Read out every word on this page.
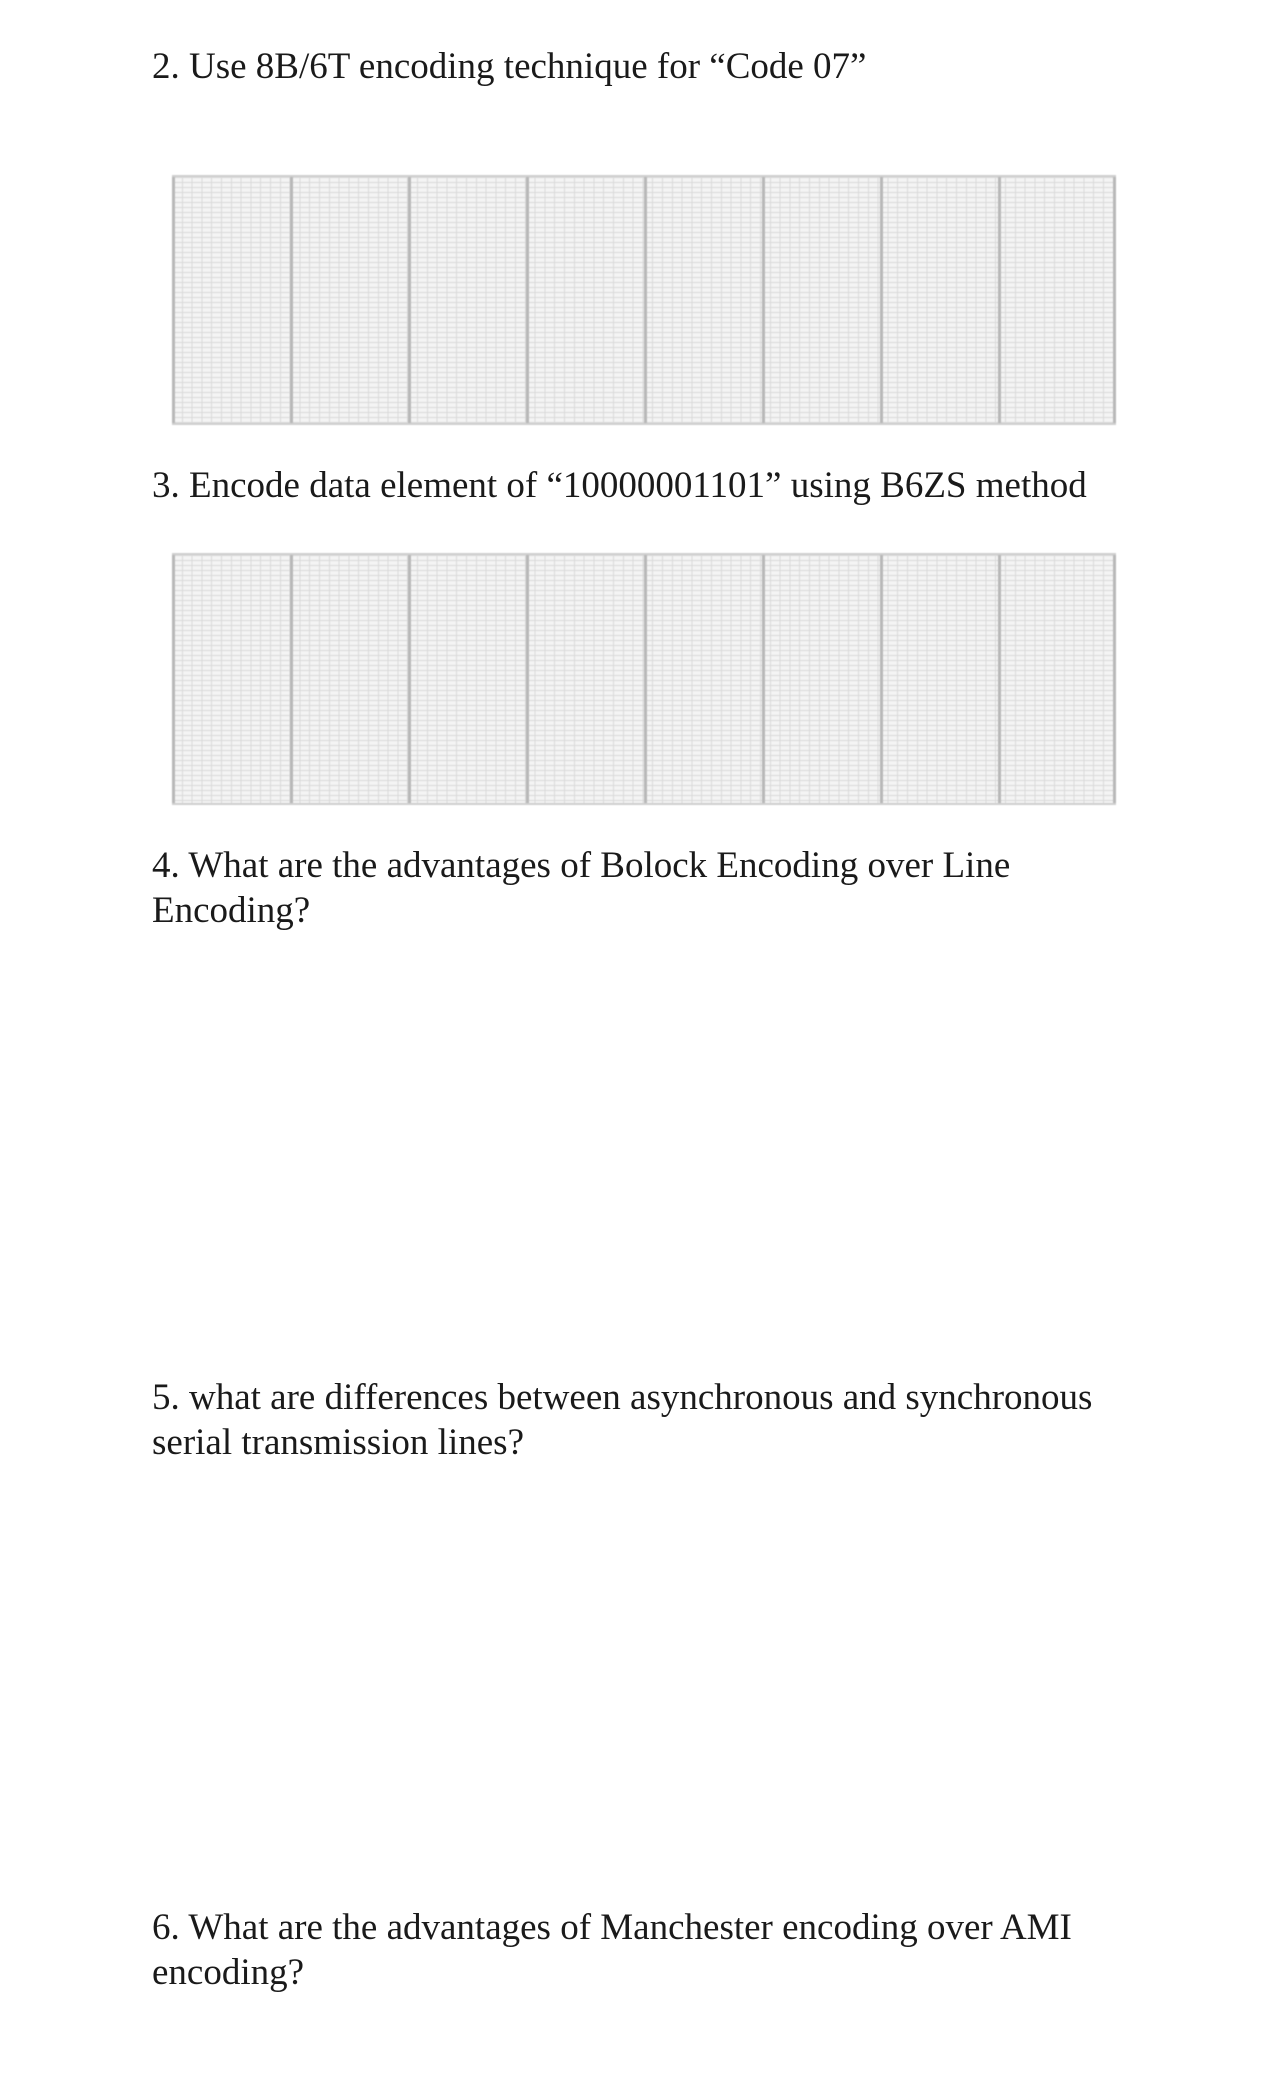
2. Use 8B/6T encoding technique for “Code 07”

3. Encode data element of “10000001101” using B6ZS method

4. What are the advantages of Bolock Encoding over Line Encoding?

5. what are differences between asynchronous and synchronous serial transmission lines?

6. What are the advantages of Manchester encoding over AMI encoding?
